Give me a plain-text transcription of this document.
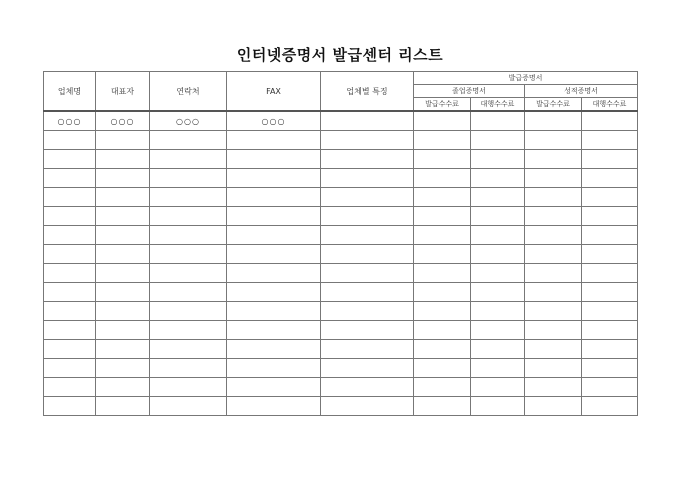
인터넷증명서 발급센터 리스트
업체명	대표자	연락처	FAX	업체별 특징	발급증명서			
					졸업증명서		성적증명서	
					발급수수료	대행수수료	발급수수료	대행수수료
○○○	○○○	○○○	○○○					
